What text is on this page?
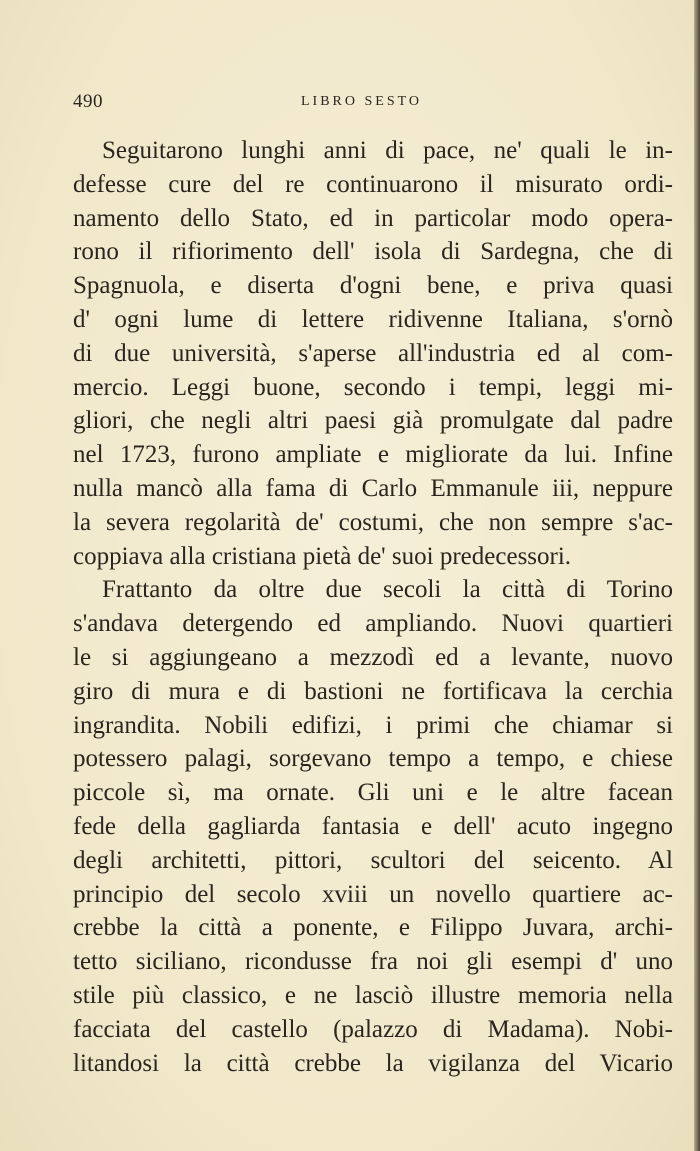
490	LIBRO SESTO
Seguitarono lunghi anni di pace, ne' quali le in-
defesse cure del re continuarono il misurato ordi-
namento dello Stato, ed in particolar modo opera-
rono il rifiorimento dell' isola di Sardegna, che di
Spagnuola, e diserta d'ogni bene, e priva quasi
d' ogni lume di lettere ridivenne Italiana, s'ornò
di due università, s'aperse all'industria ed al com-
mercio. Leggi buone, secondo i tempi, leggi mi-
gliori, che negli altri paesi già promulgate dal padre
nel 1723, furono ampliate e migliorate da lui. Infine
nulla mancò alla fama di Carlo Emmanule iii, neppure
la severa regolarità de' costumi, che non sempre s'ac-
coppiava alla cristiana pietà de' suoi predecessori.
Frattanto da oltre due secoli la città di Torino
s'andava detergendo ed ampliando. Nuovi quartieri
le si aggiungeano a mezzodì ed a levante, nuovo
giro di mura e di bastioni ne fortificava la cerchia
ingrandita. Nobili edifizi, i primi che chiamar si
potessero palagi, sorgevano tempo a tempo, e chiese
piccole sì, ma ornate. Gli uni e le altre facean
fede della gagliarda fantasia e dell' acuto ingegno
degli architetti, pittori, scultori del seicento. Al
principio del secolo xviii un novello quartiere ac-
crebbe la città a ponente, e Filippo Juvara, archi-
tetto siciliano, ricondusse fra noi gli esempi d' uno
stile più classico, e ne lasciò illustre memoria nella
facciata del castello (palazzo di Madama). Nobi-
litandosi la città crebbe la vigilanza del Vicario
